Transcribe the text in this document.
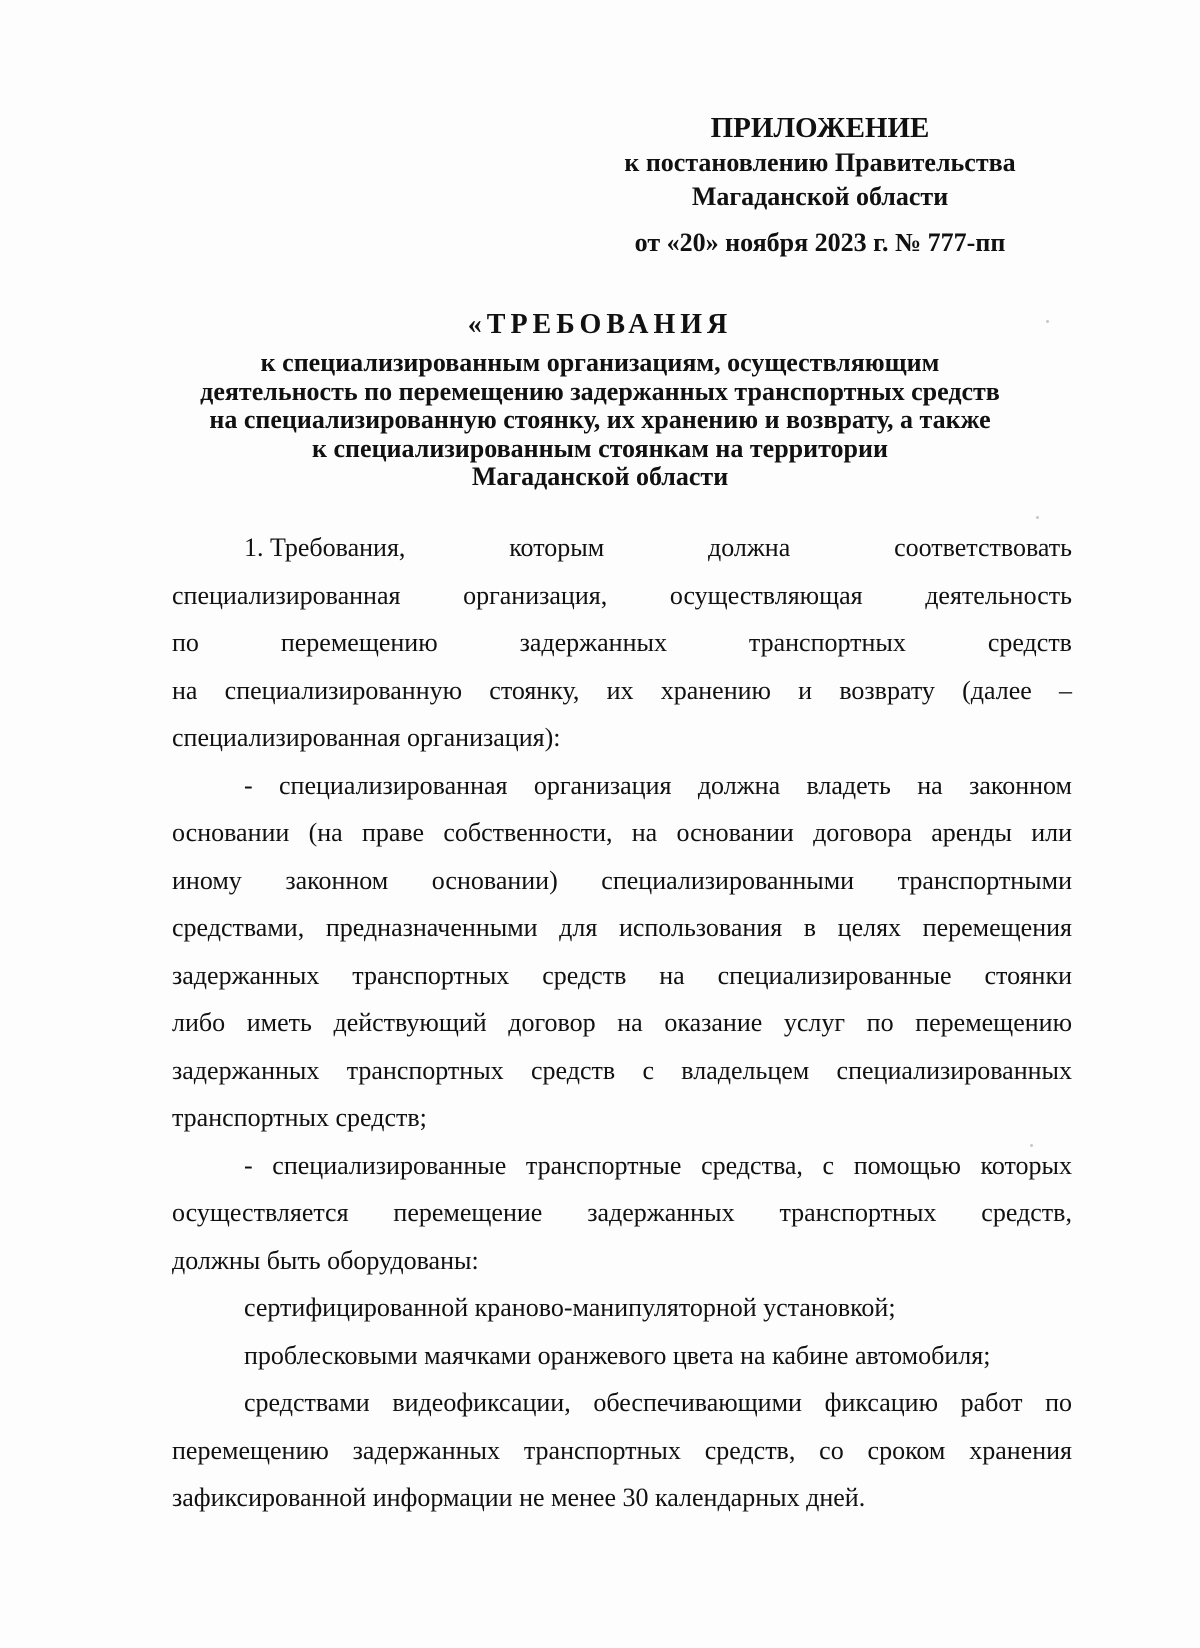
ПРИЛОЖЕНИЕ
к постановлению Правительства
Магаданской области
от «20» ноября 2023 г. № 777-пп
«ТРЕБОВАНИЯ
к специализированным организациям, осуществляющим
деятельность по перемещению задержанных транспортных средств
на специализированную стоянку, их хранению и возврату, а также
к специализированным стоянкам на территории
Магаданской области
1. Требования,	которым	должна	соответствовать
специализированная организация, осуществляющая деятельность
по	перемещению	задержанных	транспортных	средств

на специализированную стоянку, их хранению и возврату (далее –

специализированная организация):

- специализированная организация должна владеть на законном

основании (на праве собственности, на основании договора аренды или

иному законном основании) специализированными транспортными

средствами, предназначенными для использования в целях перемещения

задержанных транспортных средств на специализированные стоянки

либо иметь действующий договор на оказание услуг по перемещению

задержанных транспортных средств с владельцем специализированных

транспортных средств;

- специализированные транспортные средства, с помощью которых

осуществляется перемещение задержанных транспортных средств,

должны быть оборудованы:

сертифицированной краново-манипуляторной установкой;

проблесковыми маячками оранжевого цвета на кабине автомобиля;

средствами видеофиксации, обеспечивающими фиксацию работ по

перемещению задержанных транспортных средств, со сроком хранения

зафиксированной информации не менее 30 календарных дней.
